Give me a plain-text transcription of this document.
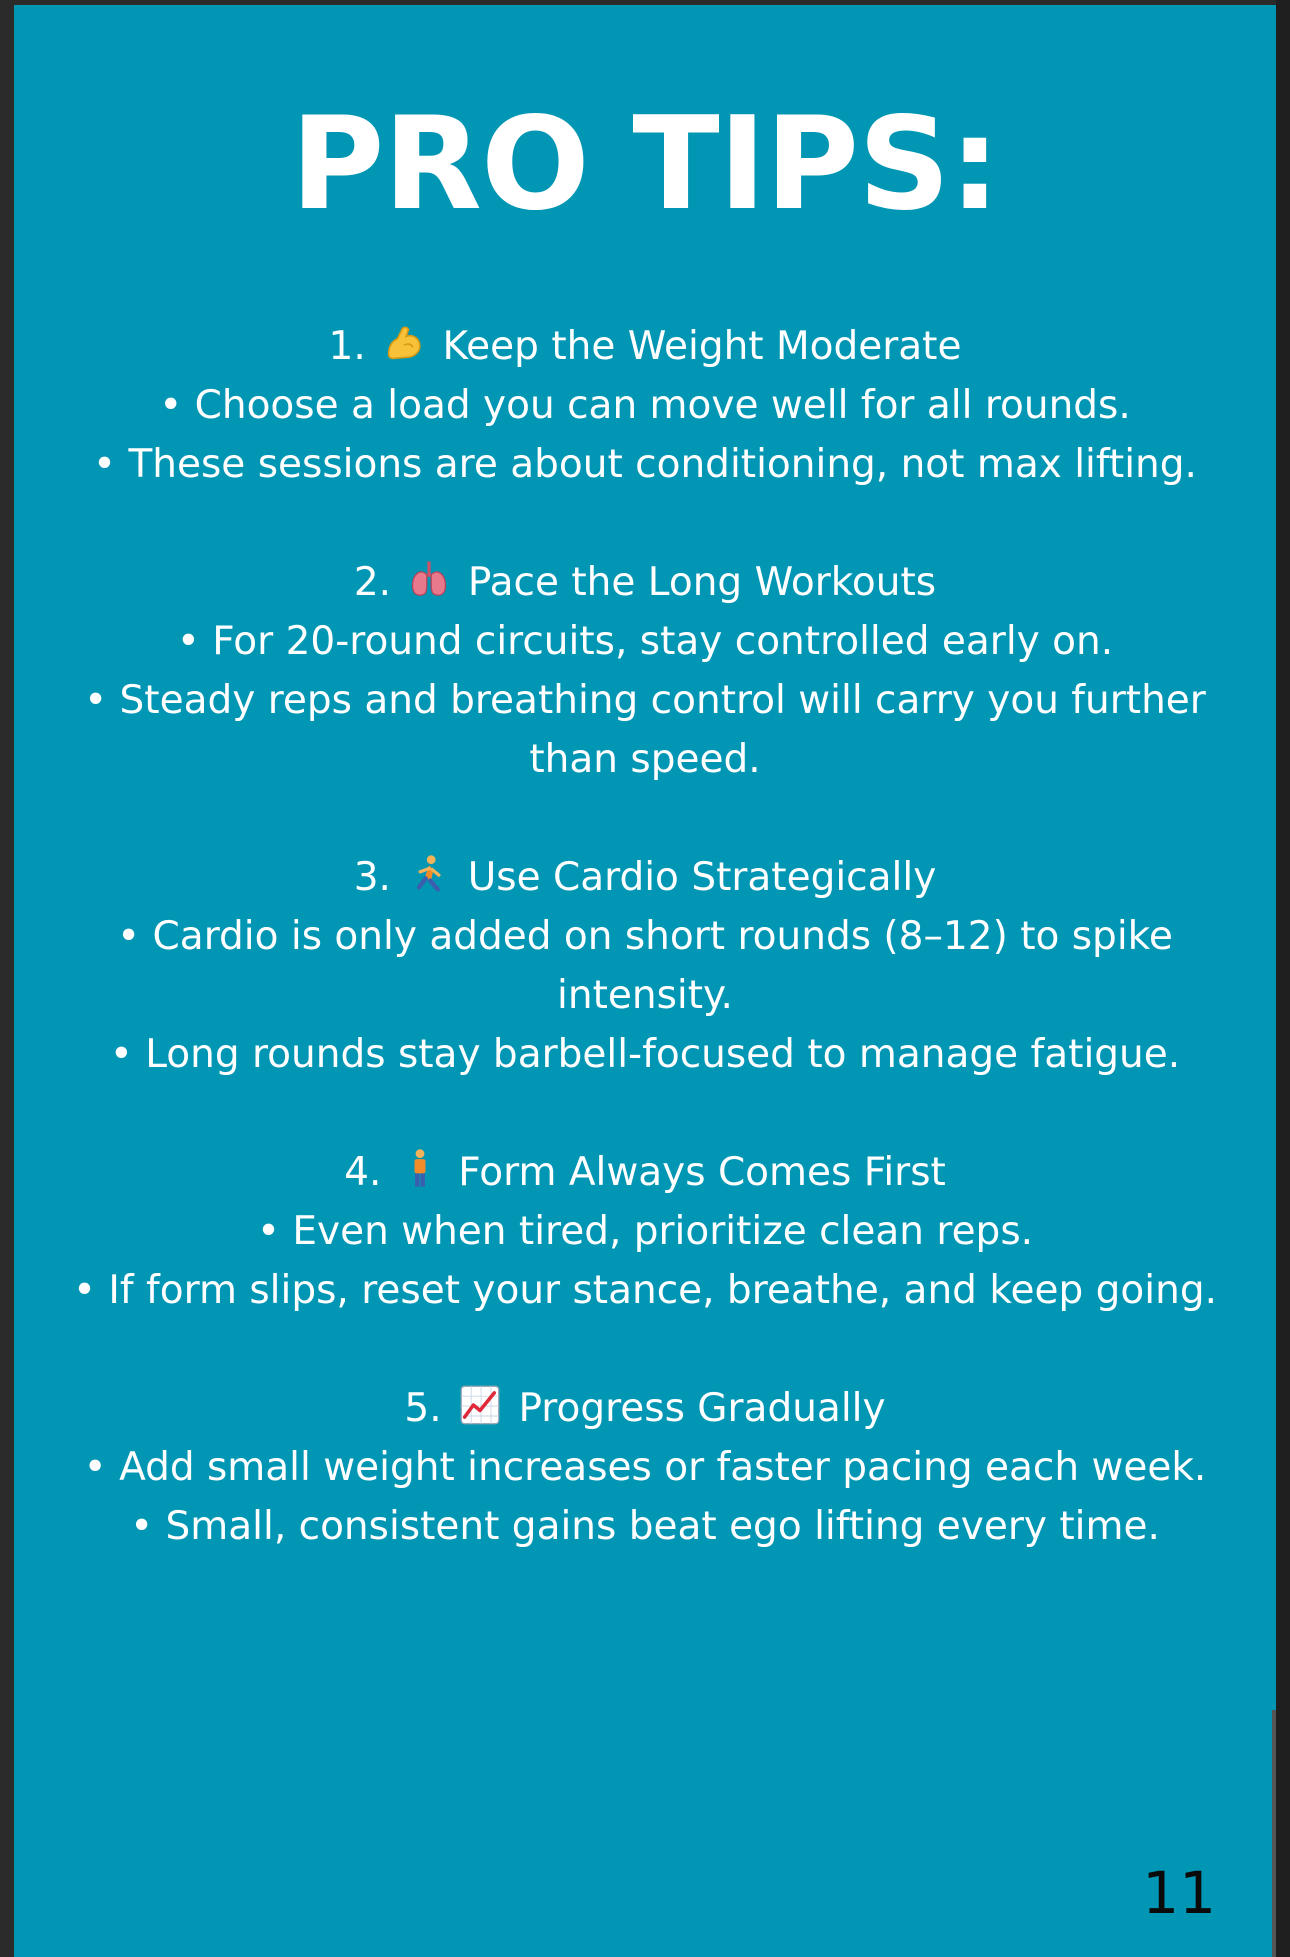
PRO TIPS:
1. Keep the Weight Moderate
• Choose a load you can move well for all rounds.
• These sessions are about conditioning, not max lifting.
2. Pace the Long Workouts
• For 20-round circuits, stay controlled early on.
• Steady reps and breathing control will carry you further than speed.
3. Use Cardio Strategically
• Cardio is only added on short rounds (8–12) to spike intensity.
• Long rounds stay barbell-focused to manage fatigue.
4. Form Always Comes First
• Even when tired, prioritize clean reps.
• If form slips, reset your stance, breathe, and keep going.
5. Progress Gradually
• Add small weight increases or faster pacing each week.
• Small, consistent gains beat ego lifting every time.
11
